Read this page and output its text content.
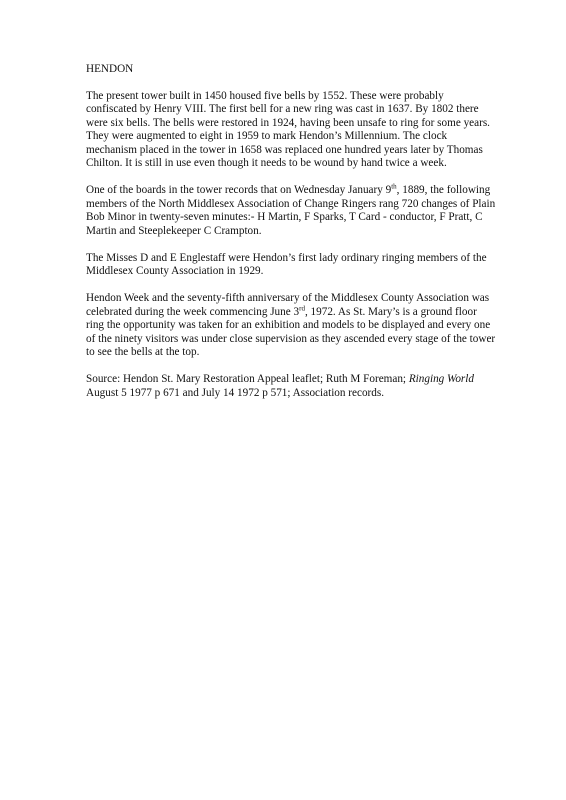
HENDON

The present tower built in 1450 housed five bells by 1552. These were probably confiscated by Henry VIII. The first bell for a new ring was cast in 1637. By 1802 there were six bells. The bells were restored in 1924, having been unsafe to ring for some years. They were augmented to eight in 1959 to mark Hendon’s Millennium. The clock mechanism placed in the tower in 1658 was replaced one hundred years later by Thomas Chilton. It is still in use even though it needs to be wound by hand twice a week.

One of the boards in the tower records that on Wednesday January 9th, 1889, the following members of the North Middlesex Association of Change Ringers rang 720 changes of Plain Bob Minor in twenty-seven minutes:- H Martin, F Sparks, T Card - conductor, F Pratt, C Martin and Steeplekeeper C Crampton.

The Misses D and E Englestaff were Hendon’s first lady ordinary ringing members of the Middlesex County Association in 1929.

Hendon Week and the seventy-fifth anniversary of the Middlesex County Association was celebrated during the week commencing June 3rd, 1972. As St. Mary’s is a ground floor ring the opportunity was taken for an exhibition and models to be displayed and every one of the ninety visitors was under close supervision as they ascended every stage of the tower to see the bells at the top.

Source: Hendon St. Mary Restoration Appeal leaflet; Ruth M Foreman; Ringing World August 5 1977 p 671 and July 14 1972 p 571; Association records.
